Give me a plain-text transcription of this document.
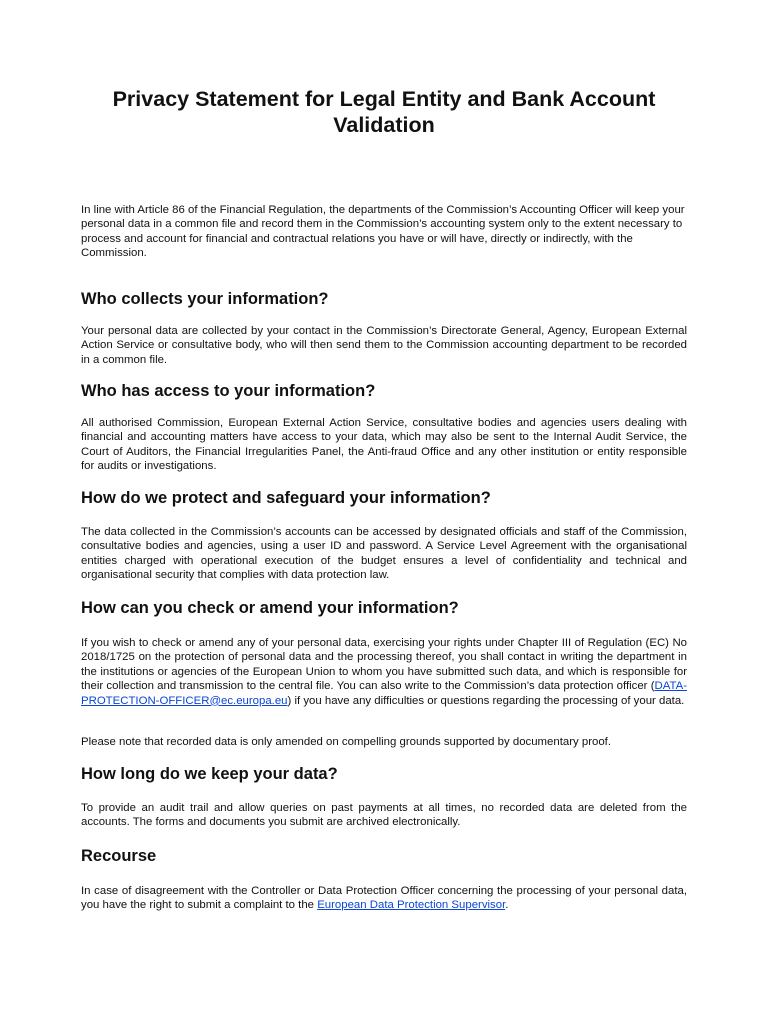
Privacy Statement for Legal Entity and Bank Account Validation

In line with Article 86 of the Financial Regulation, the departments of the Commission’s Accounting Officer will keep your personal data in a common file and record them in the Commission’s accounting system only to the extent necessary to process and account for financial and contractual relations you have or will have, directly or indirectly, with the Commission.

Who collects your information?

Your personal data are collected by your contact in the Commission’s Directorate General, Agency, European External Action Service or consultative body, who will then send them to the Commission accounting department to be recorded in a common file.

Who has access to your information?

All authorised Commission, European External Action Service, consultative bodies and agencies users dealing with financial and accounting matters have access to your data, which may also be sent to the Internal Audit Service, the Court of Auditors, the Financial Irregularities Panel, the Anti-fraud Office and any other institution or entity responsible for audits or investigations.

How do we protect and safeguard your information?

The data collected in the Commission’s accounts can be accessed by designated officials and staff of the Commission, consultative bodies and agencies, using a user ID and password. A Service Level Agreement with the organisational entities charged with operational execution of the budget ensures a level of confidentiality and technical and organisational security that complies with data protection law.

How can you check or amend your information?

If you wish to check or amend any of your personal data, exercising your rights under Chapter III of Regulation (EC) No 2018/1725 on the protection of personal data and the processing thereof, you shall contact in writing the department in the institutions or agencies of the European Union to whom you have submitted such data, and which is responsible for their collection and transmission to the central file. You can also write to the Commission’s data protection officer (DATA-PROTECTION-OFFICER@ec.europa.eu) if you have any difficulties or questions regarding the processing of your data.

Please note that recorded data is only amended on compelling grounds supported by documentary proof.

How long do we keep your data?

To provide an audit trail and allow queries on past payments at all times, no recorded data are deleted from the accounts. The forms and documents you submit are archived electronically.

Recourse

In case of disagreement with the Controller or Data Protection Officer concerning the processing of your personal data, you have the right to submit a complaint to the European Data Protection Supervisor.
